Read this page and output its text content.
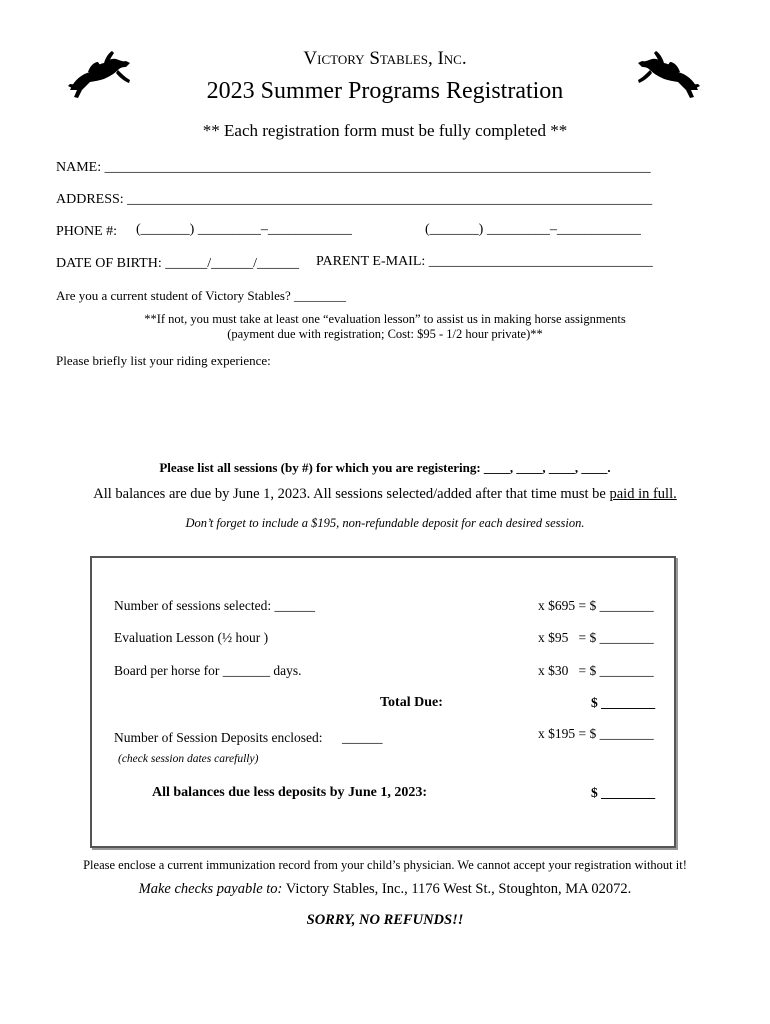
Victory Stables, Inc.
2023 Summer Programs Registration
** Each registration form must be fully completed **
NAME: ______________________________________________________________________________
ADDRESS: ___________________________________________________________________________
PHONE #: (_______) _________–____________	(_______) _________–____________
DATE OF BIRTH: ______/______/______ PARENT E-MAIL: ________________________________
Are you a current student of Victory Stables? ________
**If not, you must take at least one “evaluation lesson” to assist us in making horse assignments
(payment due with registration; Cost: $95 - 1/2 hour private)**
Please briefly list your riding experience:
Please list all sessions (by #) for which you are registering: ____, ____, ____, ____.
All balances are due by June 1, 2023. All sessions selected/added after that time must be paid in full.
Don’t forget to include a $195, non-refundable deposit for each desired session.
Number of sessions selected: ______	x $695 = $ ________
Evaluation Lesson (½ hour )	x $95   = $ ________
Board per horse for _______ days.	x $30   = $ ________
Total Due:	$ ________
Number of Session Deposits enclosed: ______	x $195 = $ ________
(check session dates carefully)
All balances due less deposits by June 1, 2023:	$ ________
Please enclose a current immunization record from your child’s physician. We cannot accept your registration without it!
Make checks payable to: Victory Stables, Inc., 1176 West St., Stoughton, MA 02072.
SORRY, NO REFUNDS!!
